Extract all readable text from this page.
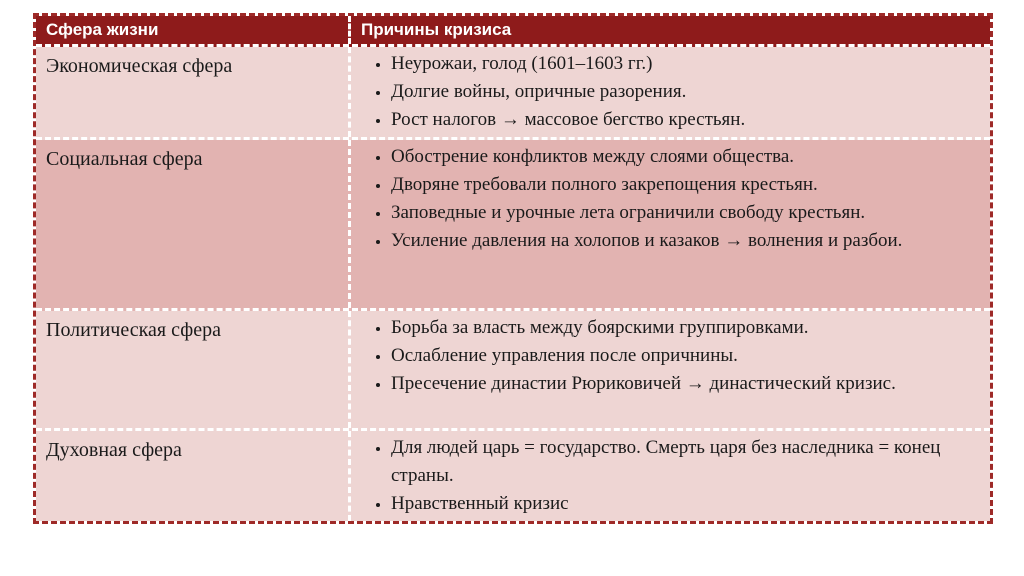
Сфера жизни	Причины кризиса
Экономическая сфера	• Неурожаи, голод (1601–1603 гг.)
• Долгие войны, опричные разорения.
• Рост налогов → массовое бегство крестьян.
Социальная сфера	• Обострение конфликтов между слоями общества.
• Дворяне требовали полного закрепощения крестьян.
• Заповедные и урочные лета ограничили свободу крестьян.
• Усиление давления на холопов и казаков → волнения и разбои.
Политическая сфера	• Борьба за власть между боярскими группировками.
• Ослабление управления после опричнины.
• Пресечение династии Рюриковичей → династический кризис.
Духовная сфера	• Для людей царь = государство. Смерть царя без наследника = конец страны.
• Нравственный кризис
